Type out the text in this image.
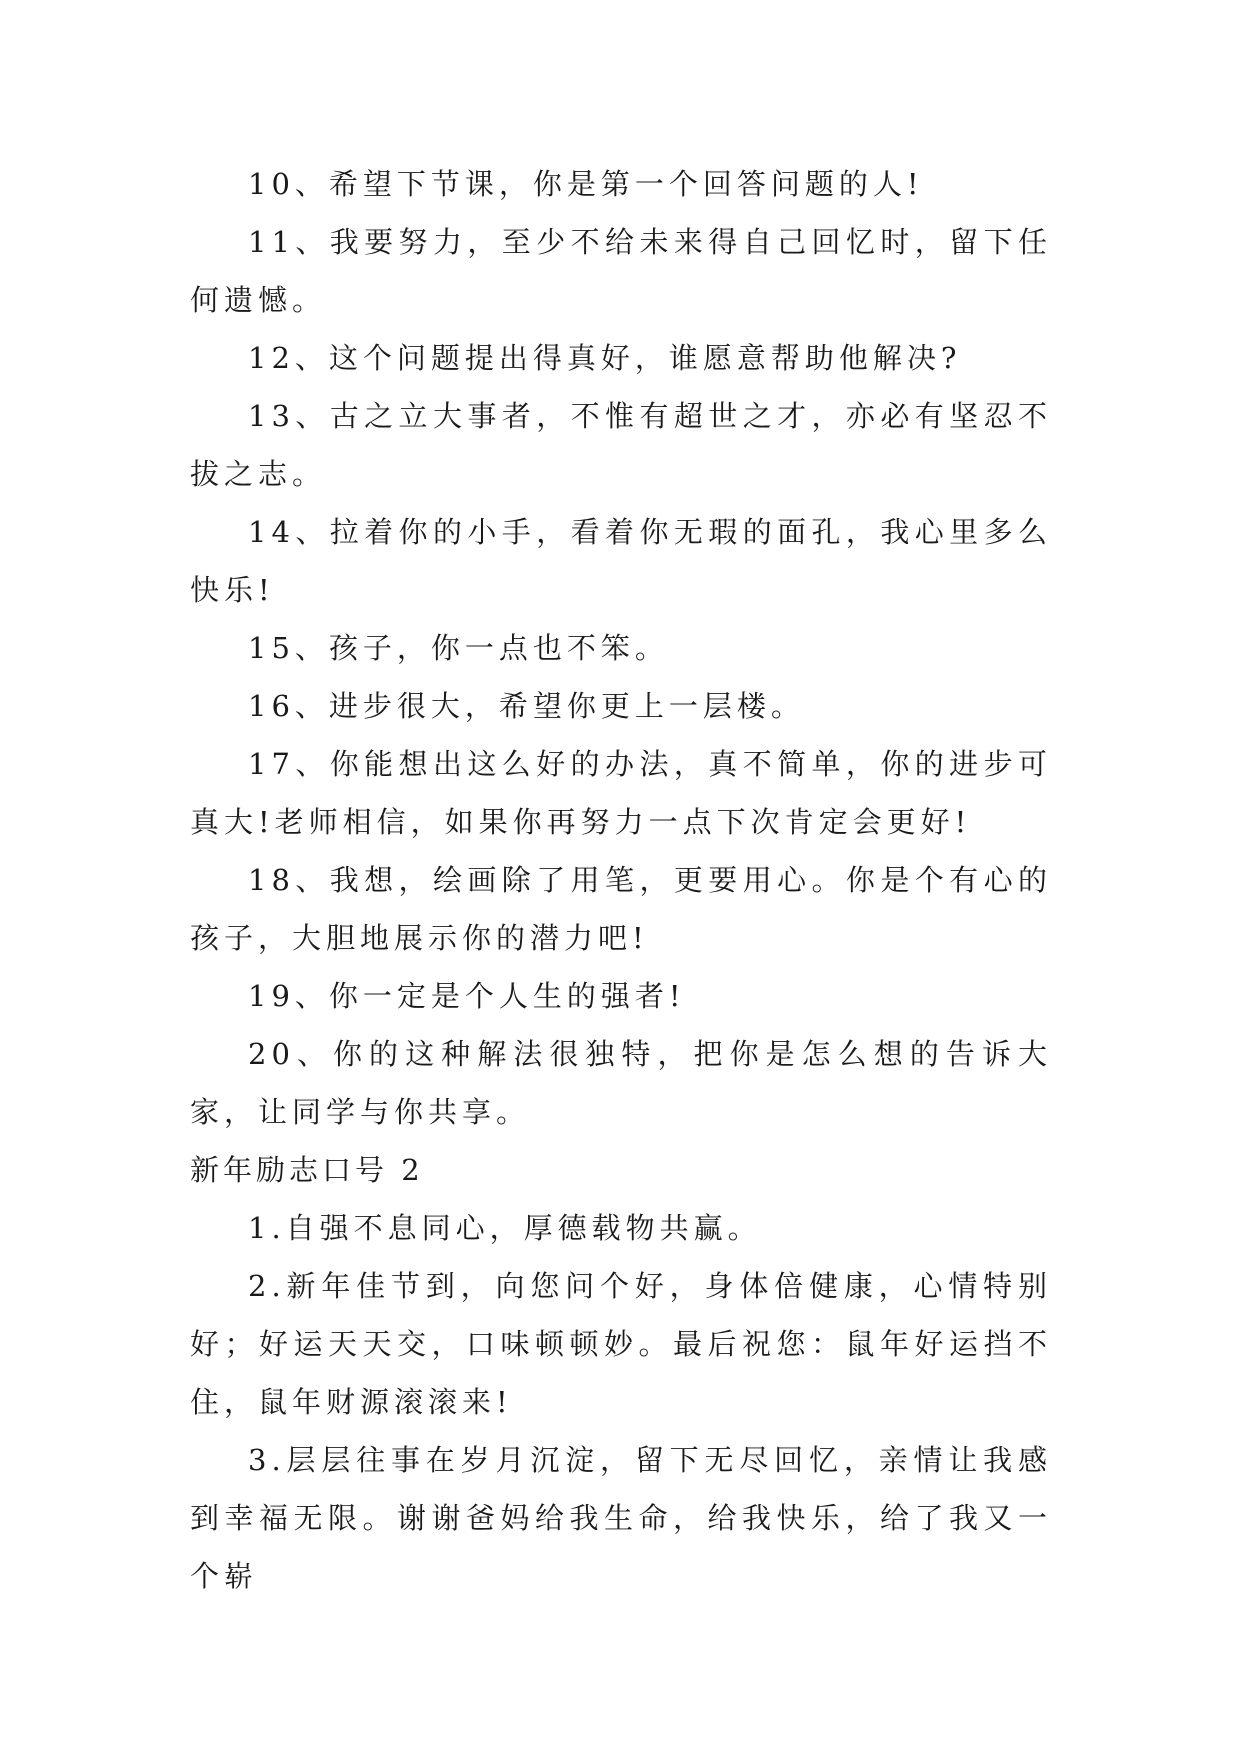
10、希望下节课，你是第一个回答问题的人!

11、我要努力，至少不给未来得自己回忆时，留下任何遗憾。

12、这个问题提出得真好，谁愿意帮助他解决?

13、古之立大事者，不惟有超世之才，亦必有坚忍不拔之志。

14、拉着你的小手，看着你无瑕的面孔，我心里多么快乐!

15、孩子，你一点也不笨。

16、进步很大，希望你更上一层楼。

17、你能想出这么好的办法，真不简单，你的进步可真大!老师相信，如果你再努力一点下次肯定会更好!

18、我想，绘画除了用笔，更要用心。你是个有心的孩子，大胆地展示你的潜力吧!

19、你一定是个人生的强者!

20、你的这种解法很独特，把你是怎么想的告诉大家，让同学与你共享。

新年励志口号 2

1.自强不息同心，厚德载物共赢。

2.新年佳节到，向您问个好，身体倍健康，心情特别好；好运天天交，口味顿顿妙。最后祝您：鼠年好运挡不住，鼠年财源滚滚来!

3.层层往事在岁月沉淀，留下无尽回忆，亲情让我感到幸福无限。谢谢爸妈给我生命，给我快乐，给了我又一个崭
